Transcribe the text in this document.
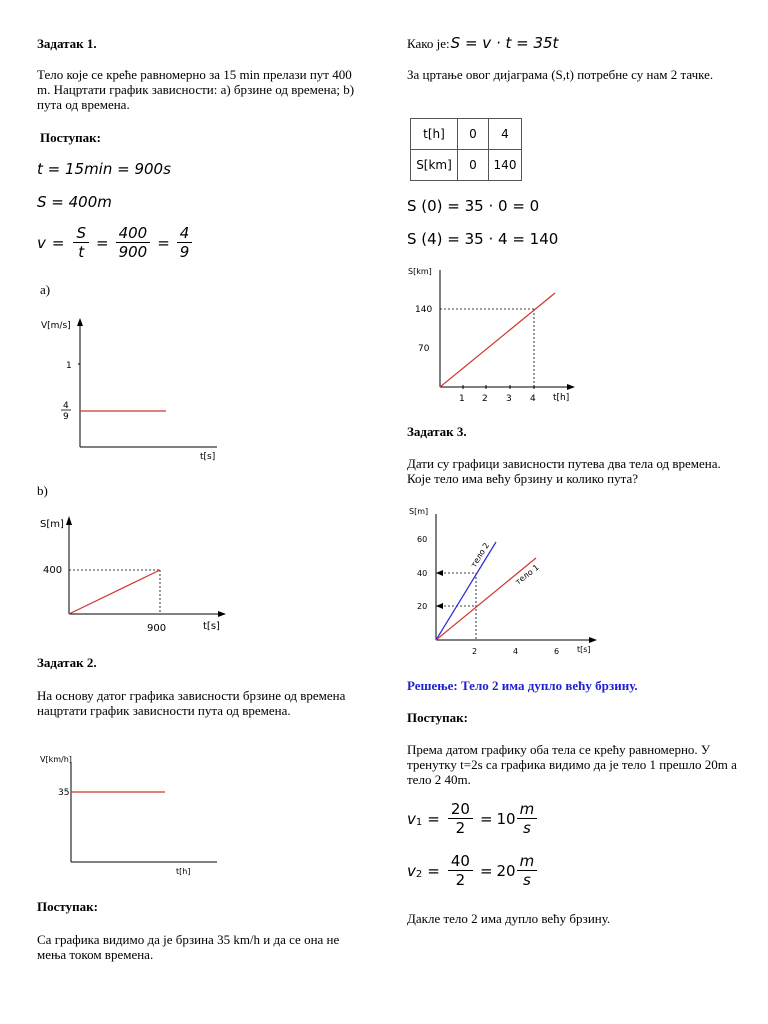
Задатак 1.
Тело које се креће равномерно за 15 min прелази пут 400 m. Нацртати график зависности: а) брзине од времена; b) пута од времена.
Поступак:
t = 15min = 900s
S = 400m
$v = \frac{S}{t} = \frac{400}{900} = \frac{4}{9}$
a)
V[m/s]
t[s]
1
4
9
b)
S[m]
t[s]
400
900
Задатак 2.
На основу датог графика зависности брзине од времена нацртати график зависности пута од времена.
V[km/h]
t[h]
35
Поступак:
Са графика видимо да је брзина 35 km/h и да се она не мења током времена.
Како је: S = v · t = 35t
За цртање овог дијаграма (S,t) потребне су нам 2 тачке.
t[h]	0	4
S[km]	0	140
S (0) = 35 · 0 = 0
S (4) = 35 · 4 = 140
S[km]
t[h]
140
70
1 2 3 4
Задатак 3.
Дати су графици зависности путева два тела од времена. Које тело има већу брзину и колико пута?
S[m]
t[s]
60
40
20
2	4	6
тело 2
тело 1
Решење: Тело 2 има дупло већу брзину.
Поступак:
Према датом графику оба тела се крећу равномерно. У тренутку t=2s са графика видимо да је тело 1 прешло 20m а тело 2 40m.
$v_1 = \frac{20}{2} = 10 \frac{m}{s}$
$v_2 = \frac{40}{2} = 20 \frac{m}{s}$
Дакле тело 2 има дупло већу брзину.
